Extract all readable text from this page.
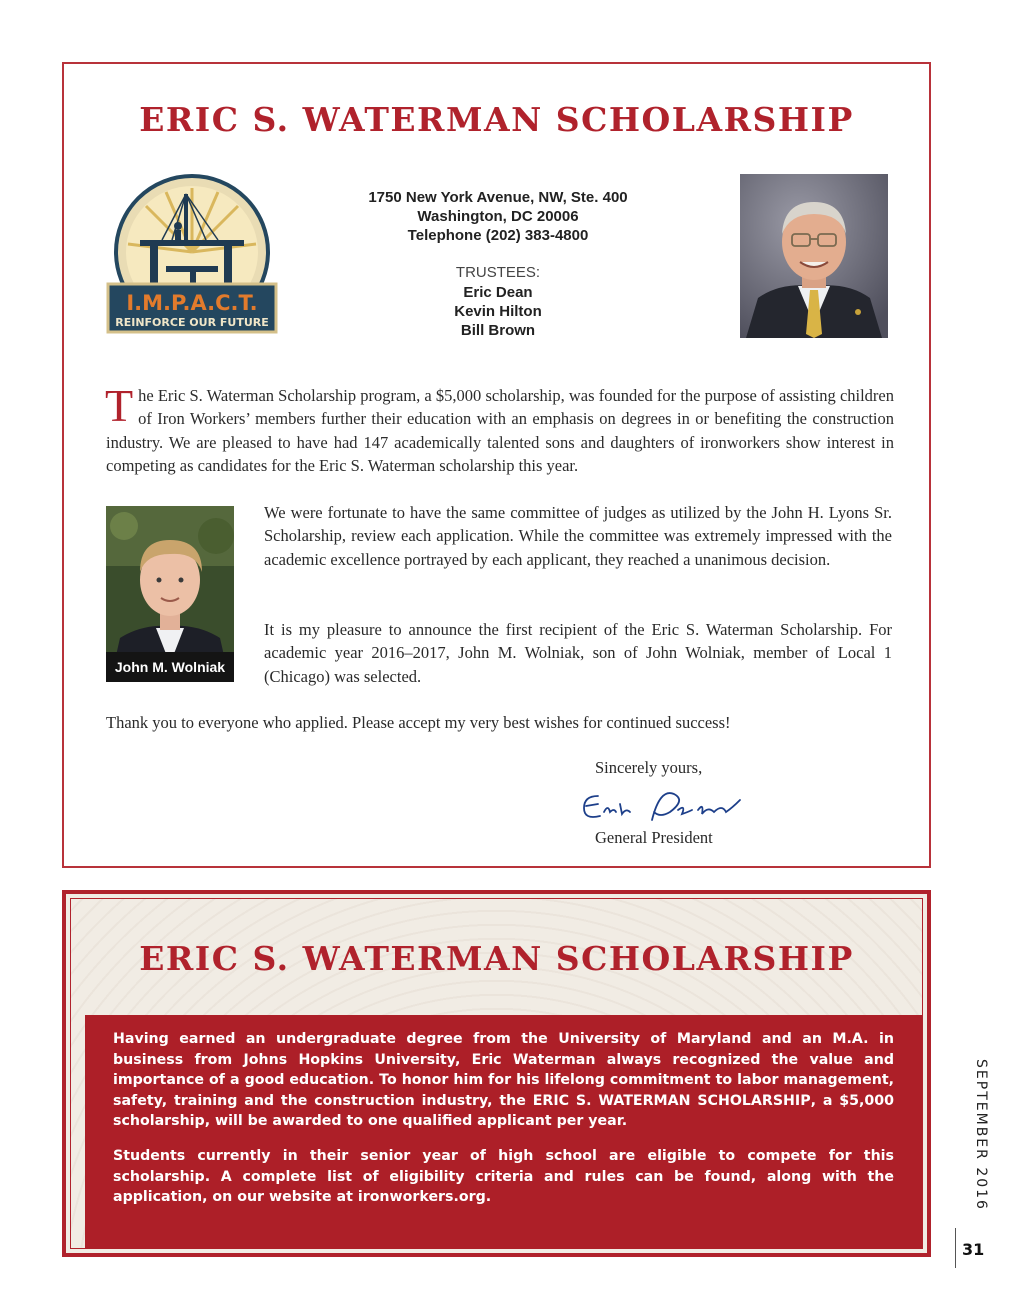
ERIC S. WATERMAN SCHOLARSHIP
I.M.P.A.C.T.
REINFORCE OUR FUTURE
1750 New York Avenue, NW, Ste. 400
Washington, DC 20006
Telephone (202) 383-4800
TRUSTEES:
Eric Dean
Kevin Hilton
Bill Brown

The Eric S. Waterman Scholarship program, a $5,000 scholarship, was founded for the purpose of assisting children of Iron Workers’ members further their education with an emphasis on degrees in or benefiting the construction industry. We are pleased to have had 147 academically talented sons and daughters of ironworkers show interest in competing as candidates for the Eric S. Waterman scholarship this year.

John M. Wolniak

We were fortunate to have the same committee of judges as utilized by the John H. Lyons Sr. Scholarship, review each application. While the committee was extremely impressed with the academic excellence portrayed by each applicant, they reached a unanimous decision.

It is my pleasure to announce the first recipient of the Eric S. Waterman Scholarship. For academic year 2016–2017, John M. Wolniak, son of John Wolniak, member of Local 1 (Chicago) was selected.

Thank you to everyone who applied. Please accept my very best wishes for continued success!

Sincerely yours,
General President
ERIC S. WATERMAN SCHOLARSHIP

Having earned an undergraduate degree from the University of Maryland and an M.A. in business from Johns Hopkins University, Eric Waterman always recognized the value and importance of a good education. To honor him for his lifelong commitment to labor management, safety, training and the construction industry, the ERIC S. WATERMAN SCHOLARSHIP, a $5,000 scholarship, will be awarded to one qualified applicant per year.

Students currently in their senior year of high school are eligible to compete for this scholarship. A complete list of eligibility criteria and rules can be found, along with the application, on our website at ironworkers.org.	SEPTEMBER 2016
31
